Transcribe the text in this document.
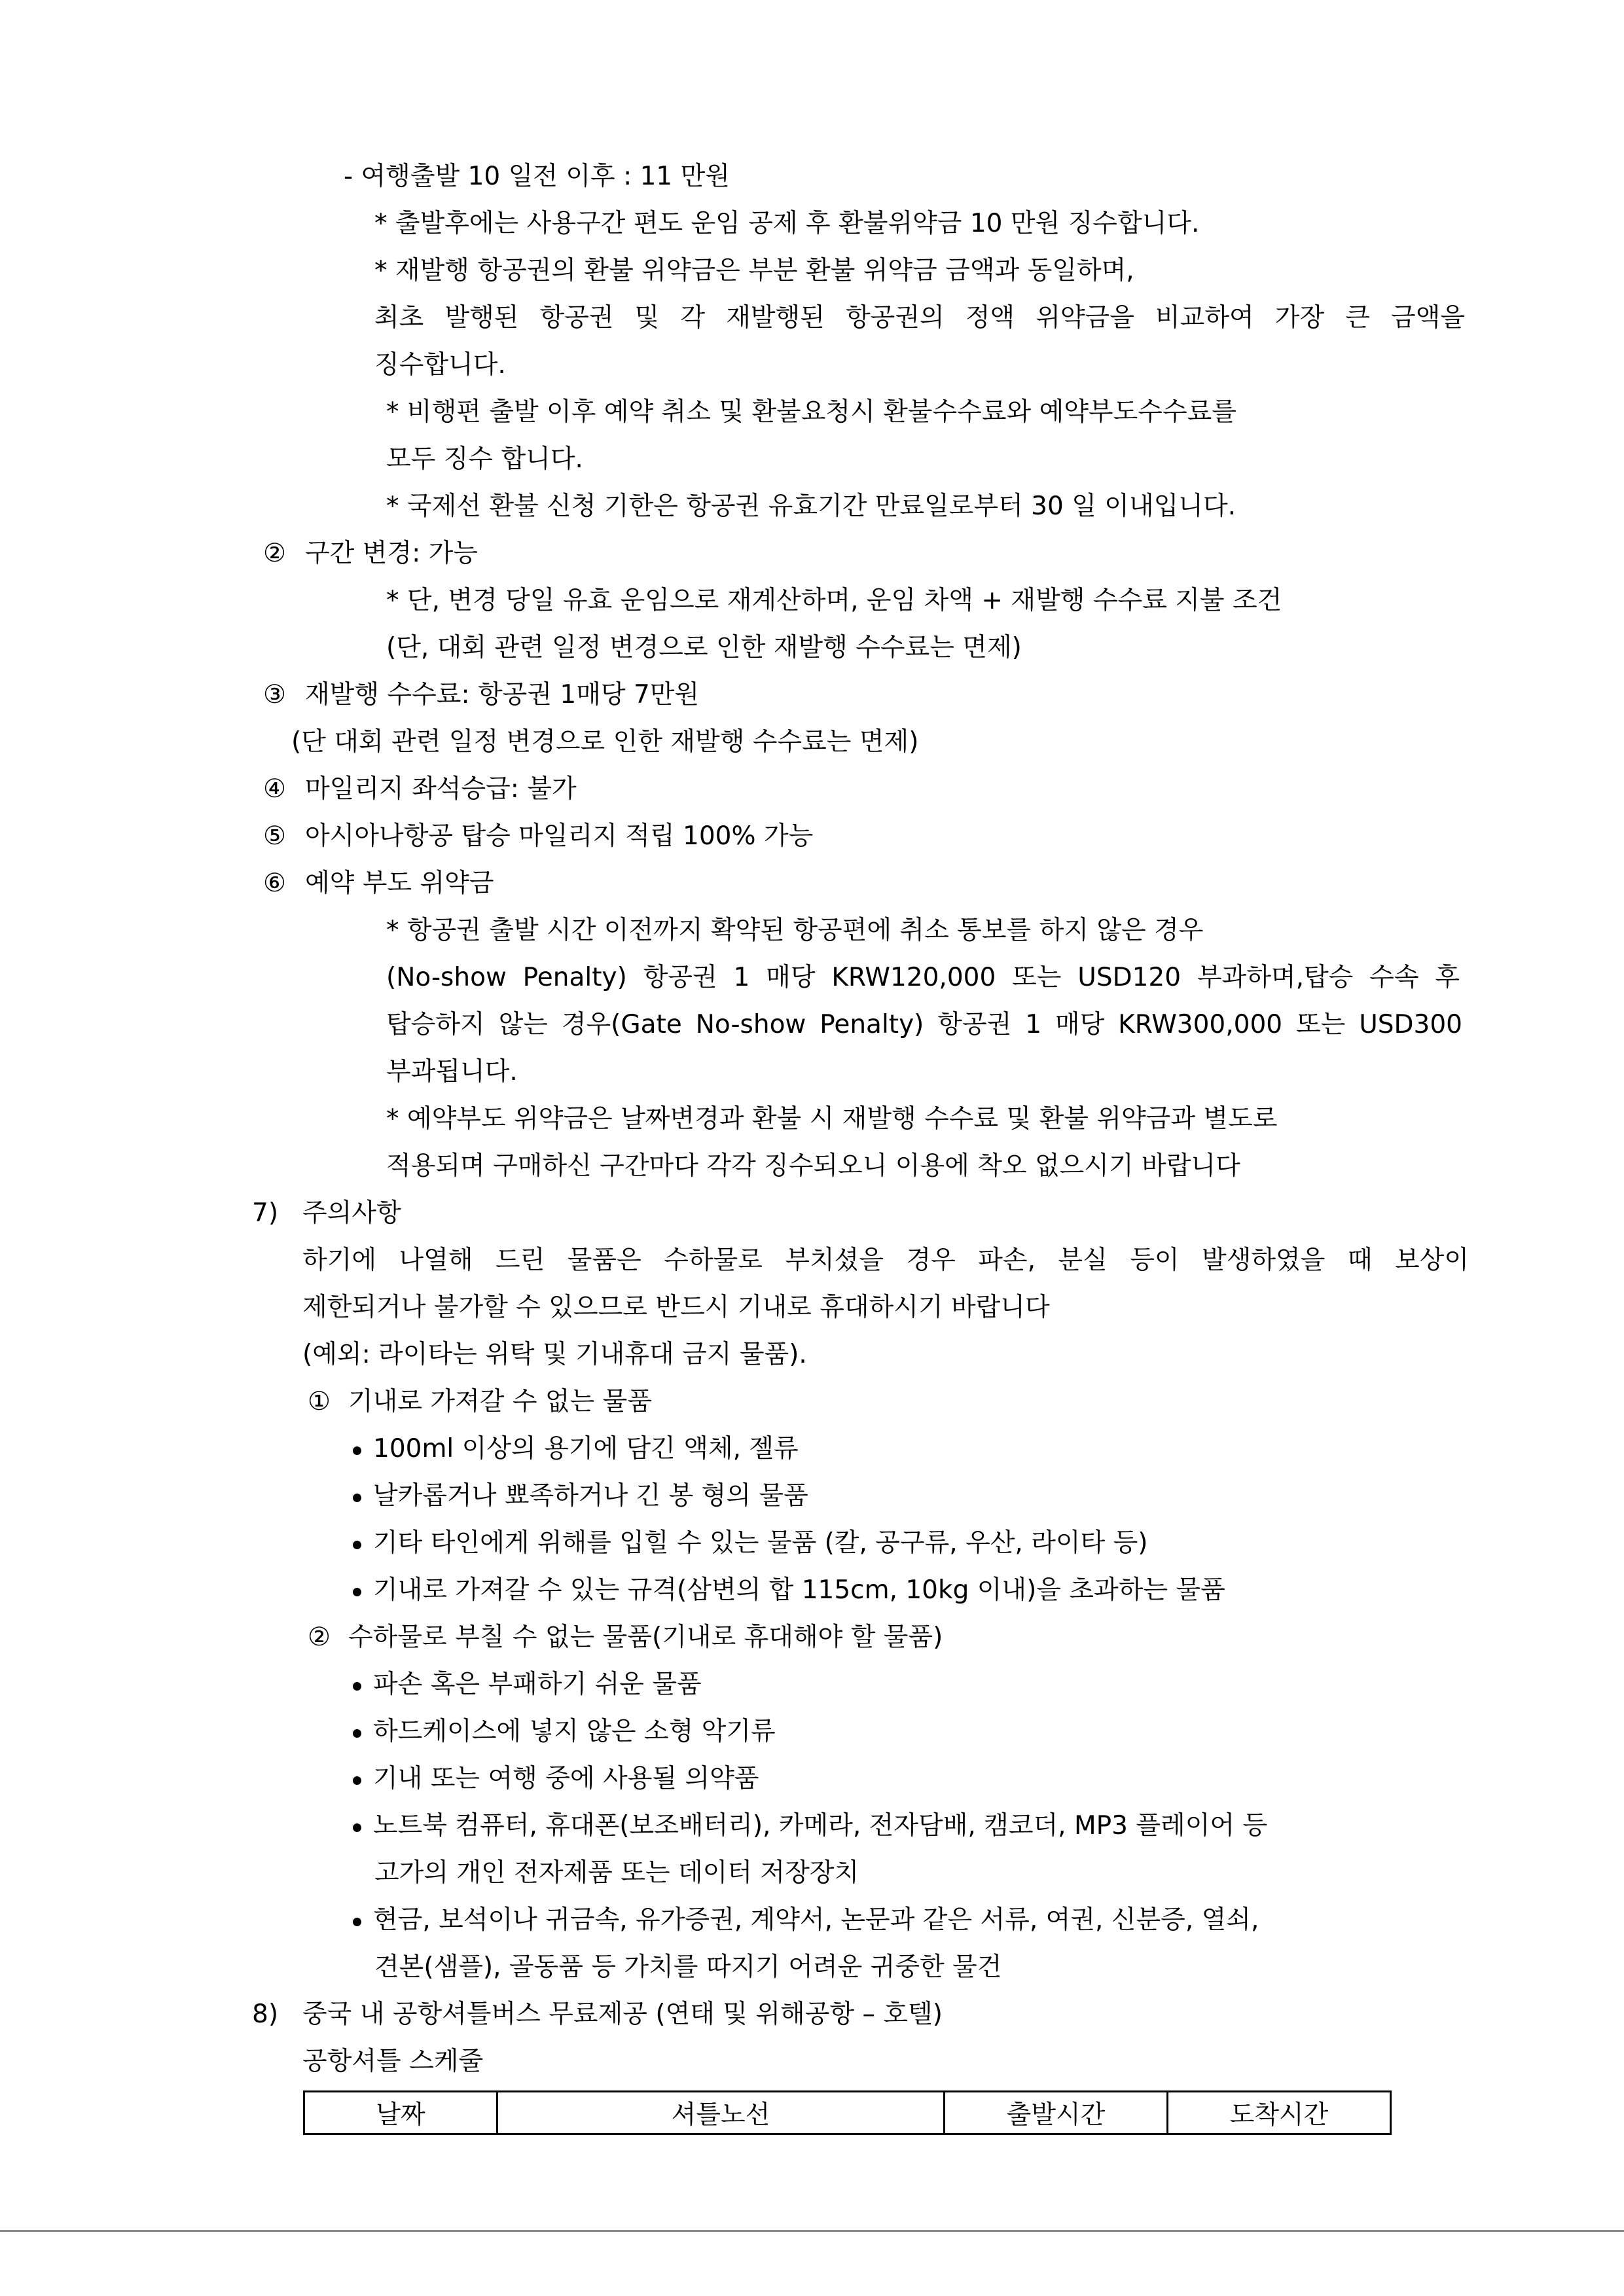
- 여행출발 10 일전 이후 : 11 만원
* 출발후에는 사용구간 편도 운임 공제 후 환불위약금 10 만원 징수합니다.
* 재발행 항공권의 환불 위약금은 부분 환불 위약금 금액과 동일하며,
최초 발행된 항공권 및 각 재발행된 항공권의 정액 위약금을 비교하여 가장 큰 금액을
징수합니다.
* 비행편 출발 이후 예약 취소 및 환불요청시 환불수수료와 예약부도수수료를
모두 징수 합니다.
* 국제선 환불 신청 기한은 항공권 유효기간 만료일로부터 30 일 이내입니다.
② 구간 변경: 가능
* 단, 변경 당일 유효 운임으로 재계산하며, 운임 차액 + 재발행 수수료 지불 조건
(단, 대회 관련 일정 변경으로 인한 재발행 수수료는 면제)
③ 재발행 수수료: 항공권 1매당 7만원
(단 대회 관련 일정 변경으로 인한 재발행 수수료는 면제)
④ 마일리지 좌석승급: 불가
⑤ 아시아나항공 탑승 마일리지 적립 100% 가능
⑥ 예약 부도 위약금
* 항공권 출발 시간 이전까지 확약된 항공편에 취소 통보를 하지 않은 경우
(No-show Penalty) 항공권 1 매당 KRW120,000 또는 USD120 부과하며,탑승 수속 후
탑승하지 않는 경우(Gate No-show Penalty) 항공권 1 매당 KRW300,000 또는 USD300
부과됩니다.
* 예약부도 위약금은 날짜변경과 환불 시 재발행 수수료 및 환불 위약금과 별도로
적용되며 구매하신 구간마다 각각 징수되오니 이용에 착오 없으시기 바랍니다
7) 주의사항
하기에 나열해 드린 물품은 수하물로 부치셨을 경우 파손, 분실 등이 발생하였을 때 보상이
제한되거나 불가할 수 있으므로 반드시 기내로 휴대하시기 바랍니다
(예외: 라이타는 위탁 및 기내휴대 금지 물품).
① 기내로 가져갈 수 없는 물품
100ml 이상의 용기에 담긴 액체, 젤류
날카롭거나 뾰족하거나 긴 봉 형의 물품
기타 타인에게 위해를 입힐 수 있는 물품 (칼, 공구류, 우산, 라이타 등)
기내로 가져갈 수 있는 규격(삼변의 합 115cm, 10kg 이내)을 초과하는 물품
② 수하물로 부칠 수 없는 물품(기내로 휴대해야 할 물품)
파손 혹은 부패하기 쉬운 물품
하드케이스에 넣지 않은 소형 악기류
기내 또는 여행 중에 사용될 의약품
노트북 컴퓨터, 휴대폰(보조배터리), 카메라, 전자담배, 캠코더, MP3 플레이어 등
고가의 개인 전자제품 또는 데이터 저장장치
현금, 보석이나 귀금속, 유가증권, 계약서, 논문과 같은 서류, 여권, 신분증, 열쇠,
견본(샘플), 골동품 등 가치를 따지기 어려운 귀중한 물건
8) 중국 내 공항셔틀버스 무료제공 (연태 및 위해공항 – 호텔)
공항셔틀 스케줄
날짜	셔틀노선	출발시간	도착시간
